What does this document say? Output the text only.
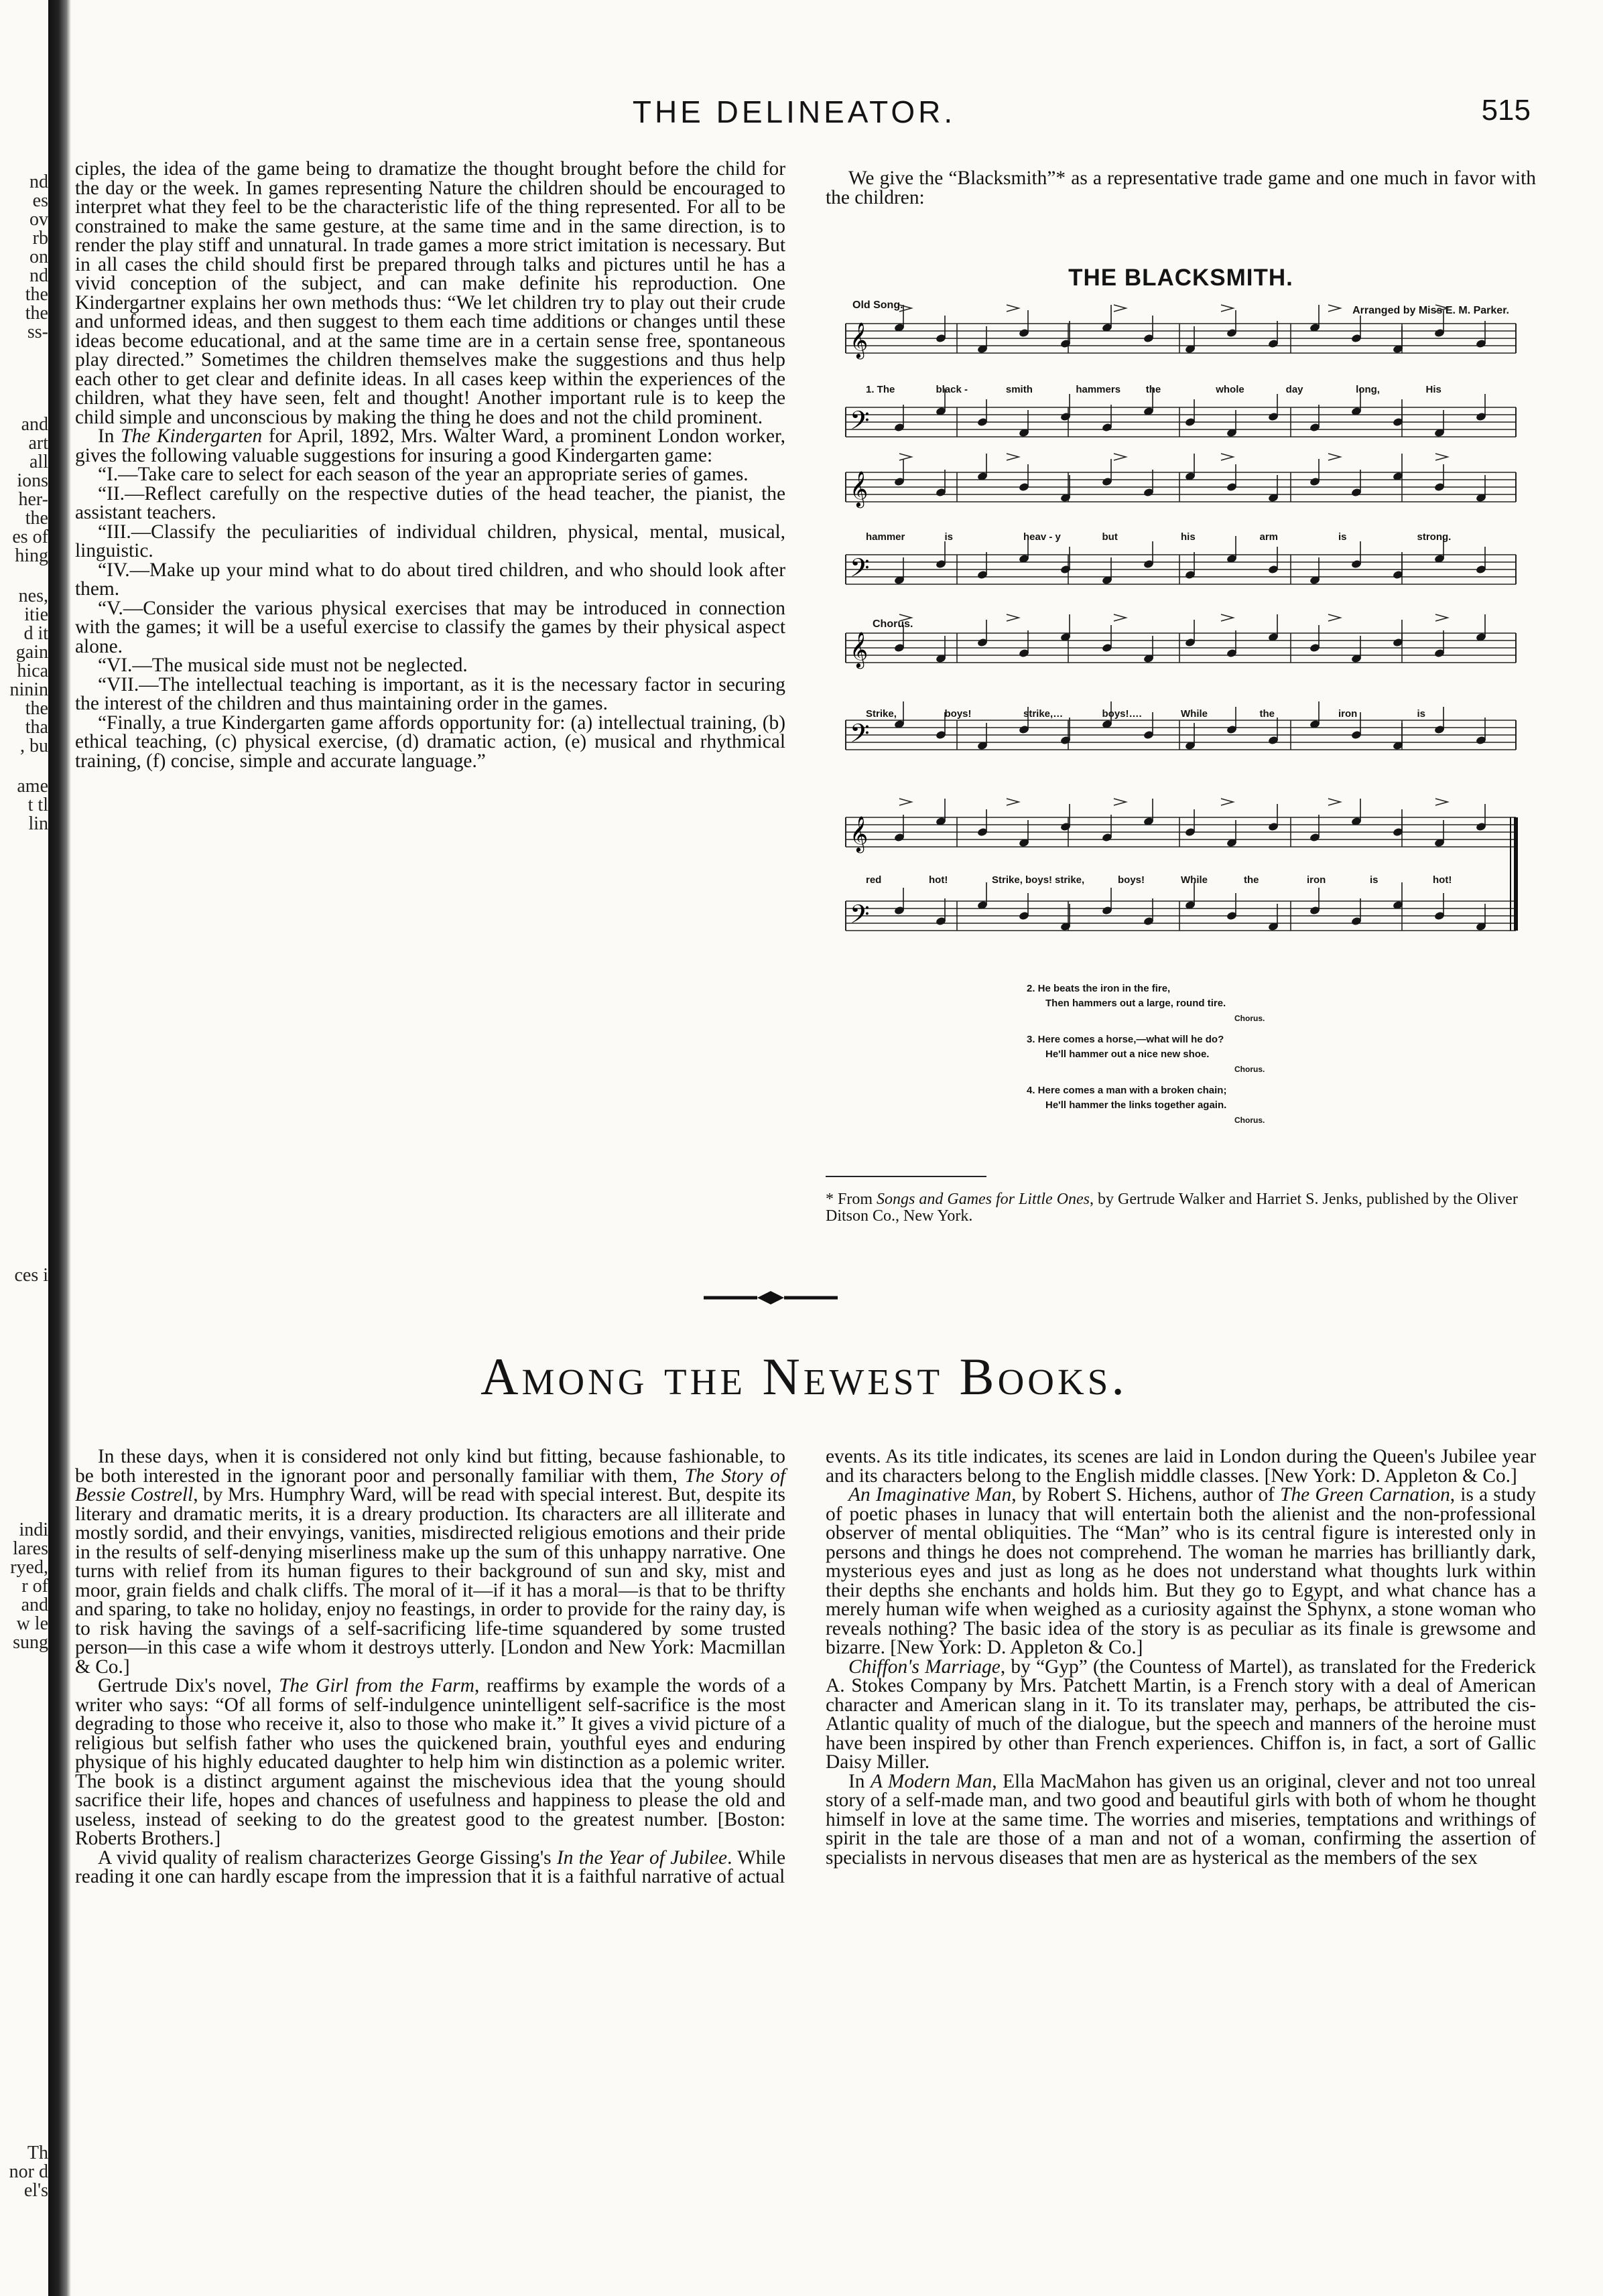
nd
es
ov
rb
on
nd
the
the
ss-
and
art
all
ions
her-
the
es of
hing
nes,
itie
d it
gain
hica
ninin
the
tha
, bu
ame
t tl
lin
ces i
indi
lares
ryed,
r of
and
w le
sung
Th
nor d
el's
THE DELINEATOR.	515

ciples, the idea of the game being to dramatize the thought brought before the child for the day or the week. In games representing Nature the children should be encouraged to interpret what they feel to be the characteristic life of the thing represented. For all to be constrained to make the same gesture, at the same time and in the same direction, is to render the play stiff and unnatural. In trade games a more strict imitation is necessary. But in all cases the child should first be prepared through talks and pictures until he has a vivid conception of the subject, and can make definite his reproduction. One Kindergartner explains her own methods thus: “We let children try to play out their crude and unformed ideas, and then suggest to them each time additions or changes until these ideas become educational, and at the same time are in a certain sense free, spontaneous play directed.” Sometimes the children themselves make the suggestions and thus help each other to get clear and definite ideas. In all cases keep within the experiences of the children, what they have seen, felt and thought! Another important rule is to keep the child simple and unconscious by making the thing he does and not the child prominent.

In The Kindergarten for April, 1892, Mrs. Walter Ward, a prominent London worker, gives the following valuable suggestions for insuring a good Kindergarten game:

“I.—Take care to select for each season of the year an appropriate series of games.

“II.—Reflect carefully on the respective duties of the head teacher, the pianist, the assistant teachers.

“III.—Classify the peculiarities of individual children, physical, mental, musical, linguistic.

“IV.—Make up your mind what to do about tired children, and who should look after them.

“V.—Consider the various physical exercises that may be introduced in connection with the games; it will be a useful exercise to classify the games by their physical aspect alone.

“VI.—The musical side must not be neglected.

“VII.—The intellectual teaching is important, as it is the necessary factor in securing the interest of the children and thus maintaining order in the games.

“Finally, a true Kindergarten game affords opportunity for: (a) intellectual training, (b) ethical teaching, (c) physical exercise, (d) dramatic action, (e) musical and rhythmical training, (f) concise, simple and accurate language.”

We give the “Blacksmith”* as a representative trade game and one much in favor with the children:

THE BLACKSMITH.
Old Song.	Arranged by Miss E. M. Parker.
Chorus.
𝄞
𝄢
𝄞
𝄢
𝄞
𝄢
𝄞
𝄢
1. The	black -	smith	hammers	the	whole	day	long,	His
hammer	is	heav - y	but	his	arm	is	strong.
Strike,	boys!	strike,…	boys!….	While	the	iron	is
red	hot!	Strike, boys! strike,	boys!	While	the	iron	is	hot!
2. He beats the iron in the fire,
Then hammers out a large, round tire.
Chorus.
3. Here comes a horse,—what will he do?
He'll hammer out a nice new shoe.
Chorus.
4. Here comes a man with a broken chain;
He'll hammer the links together again.
Chorus.
* From Songs and Games for Little Ones, by Gertrude Walker and Harriet S. Jenks, published by the Oliver Ditson Co., New York.
Among the Newest Books.

In these days, when it is considered not only kind but fitting, because fashionable, to be both interested in the ignorant poor and personally familiar with them, The Story of Bessie Costrell, by Mrs. Humphry Ward, will be read with special interest. But, despite its literary and dramatic merits, it is a dreary production. Its characters are all illiterate and mostly sordid, and their envyings, vanities, misdirected religious emotions and their pride in the results of self-denying miserliness make up the sum of this unhappy narrative. One turns with relief from its human figures to their background of sun and sky, mist and moor, grain fields and chalk cliffs. The moral of it—if it has a moral—is that to be thrifty and sparing, to take no holiday, enjoy no feastings, in order to provide for the rainy day, is to risk having the savings of a self-sacrificing life-time squandered by some trusted person—in this case a wife whom it destroys utterly. [London and New York: Macmillan & Co.]

Gertrude Dix's novel, The Girl from the Farm, reaffirms by example the words of a writer who says: “Of all forms of self-indulgence unintelligent self-sacrifice is the most degrading to those who receive it, also to those who make it.” It gives a vivid picture of a religious but selfish father who uses the quickened brain, youthful eyes and enduring physique of his highly educated daughter to help him win distinction as a polemic writer. The book is a distinct argument against the mischevious idea that the young should sacrifice their life, hopes and chances of usefulness and happiness to please the old and useless, instead of seeking to do the greatest good to the greatest number. [Boston: Roberts Brothers.]

A vivid quality of realism characterizes George Gissing's In the Year of Jubilee. While reading it one can hardly escape from the impression that it is a faithful narrative of actual

events. As its title indicates, its scenes are laid in London during the Queen's Jubilee year and its characters belong to the English middle classes. [New York: D. Appleton & Co.]

An Imaginative Man, by Robert S. Hichens, author of The Green Carnation, is a study of poetic phases in lunacy that will entertain both the alienist and the non-professional observer of mental obliquities. The “Man” who is its central figure is interested only in persons and things he does not comprehend. The woman he marries has brilliantly dark, mysterious eyes and just as long as he does not understand what thoughts lurk within their depths she enchants and holds him. But they go to Egypt, and what chance has a merely human wife when weighed as a curiosity against the Sphynx, a stone woman who reveals nothing? The basic idea of the story is as peculiar as its finale is grewsome and bizarre. [New York: D. Appleton & Co.]

Chiffon's Marriage, by “Gyp” (the Countess of Martel), as translated for the Frederick A. Stokes Company by Mrs. Patchett Martin, is a French story with a deal of American character and American slang in it. To its translater may, perhaps, be attributed the cis-Atlantic quality of much of the dialogue, but the speech and manners of the heroine must have been inspired by other than French experiences. Chiffon is, in fact, a sort of Gallic Daisy Miller.

In A Modern Man, Ella MacMahon has given us an original, clever and not too unreal story of a self-made man, and two good and beautiful girls with both of whom he thought himself in love at the same time. The worries and miseries, temptations and writhings of spirit in the tale are those of a man and not of a woman, confirming the assertion of specialists in nervous diseases that men are as hysterical as the members of the sex
